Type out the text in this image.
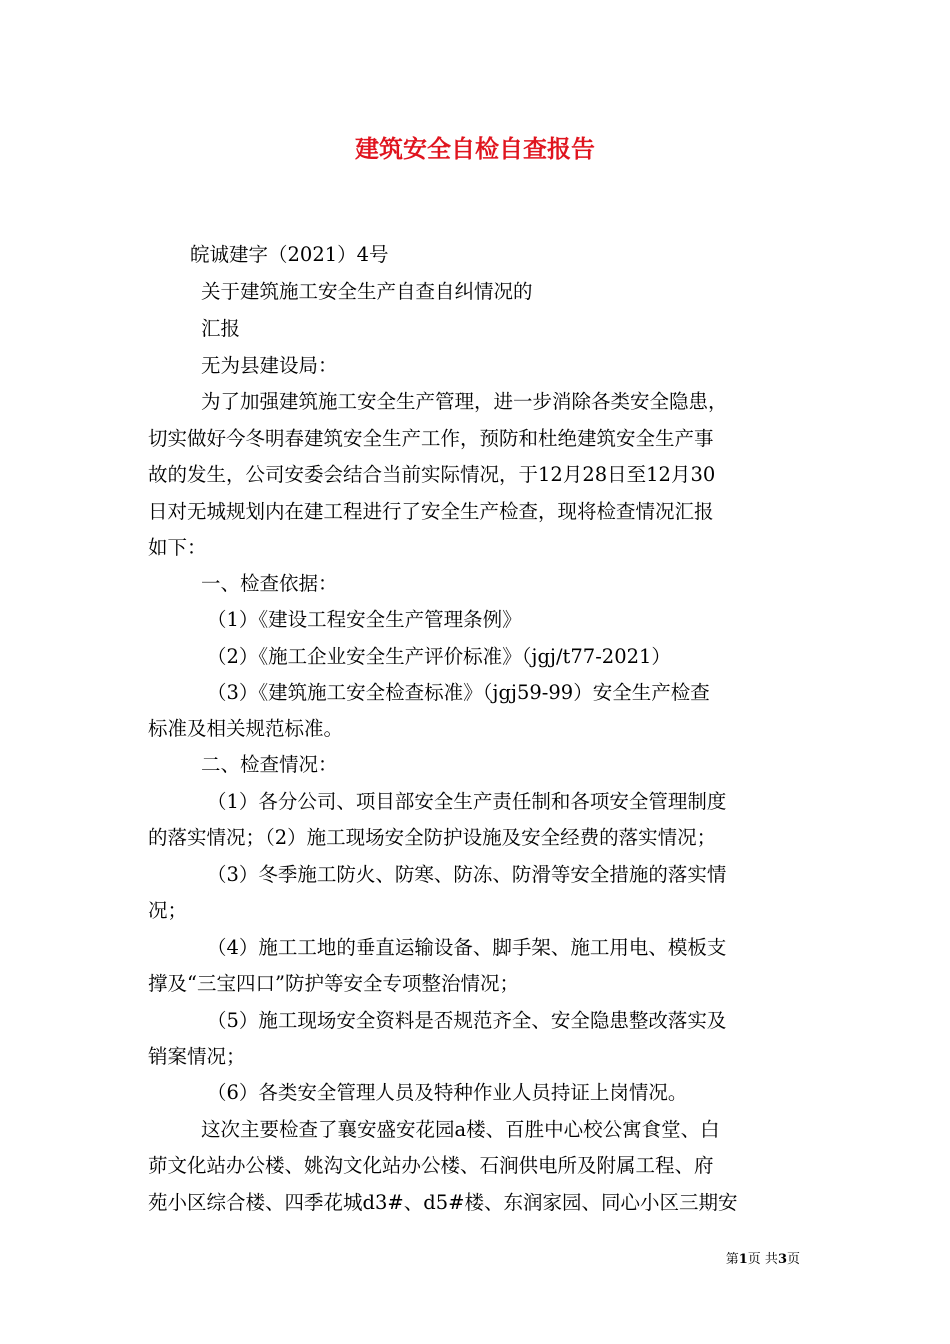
建筑安全自检自查报告
皖诚建字（2021）4号
关于建筑施工安全生产自查自纠情况的
汇报
无为县建设局：
为了加强建筑施工安全生产管理，进一步消除各类安全隐患，
切实做好今冬明春建筑安全生产工作，预防和杜绝建筑安全生产事
故的发生，公司安委会结合当前实际情况，于12月28日至12月30
日对无城规划内在建工程进行了安全生产检查，现将检查情况汇报
如下：
一、检查依据：
（1）《建设工程安全生产管理条例》
（2）《施工企业安全生产评价标准》（jgj/t77-2021）
（3）《建筑施工安全检查标准》（jgj59-99）安全生产检查
标准及相关规范标准。
二、检查情况：
（1）各分公司、项目部安全生产责任制和各项安全管理制度
的落实情况；（2）施工现场安全防护设施及安全经费的落实情况；
（3）冬季施工防火、防寒、防冻、防滑等安全措施的落实情
况；
（4）施工工地的垂直运输设备、脚手架、施工用电、模板支
撑及“三宝四口”防护等安全专项整治情况；
（5）施工现场安全资料是否规范齐全、安全隐患整改落实及
销案情况；
（6）各类安全管理人员及特种作业人员持证上岗情况。
这次主要检查了襄安盛安花园a楼、百胜中心校公寓食堂、白
茆文化站办公楼、姚沟文化站办公楼、石涧供电所及附属工程、府
苑小区综合楼、四季花城d3#、d5#楼、东润家园、同心小区三期安
第1页 共3页
